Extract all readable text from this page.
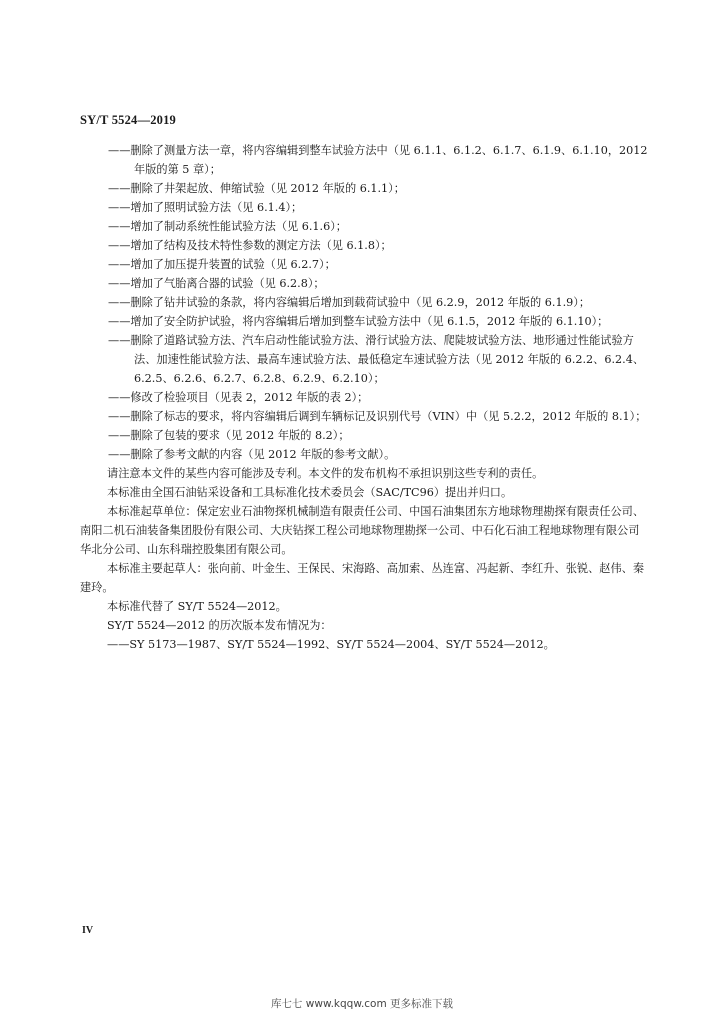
SY/T 5524—2019

——删除了测量方法一章，将内容编辑到整车试验方法中（见 6.1.1、6.1.2、6.1.7、6.1.9、6.1.10，2012 年版的第 5 章）；

——删除了井架起放、伸缩试验（见 2012 年版的 6.1.1）；

——增加了照明试验方法（见 6.1.4）；

——增加了制动系统性能试验方法（见 6.1.6）；

——增加了结构及技术特性参数的测定方法（见 6.1.8）；

——增加了加压提升装置的试验（见 6.2.7）；

——增加了气胎离合器的试验（见 6.2.8）；

——删除了钻井试验的条款，将内容编辑后增加到载荷试验中（见 6.2.9，2012 年版的 6.1.9）；

——增加了安全防护试验，将内容编辑后增加到整车试验方法中（见 6.1.5，2012 年版的 6.1.10）；

——删除了道路试验方法、汽车启动性能试验方法、滑行试验方法、爬陡坡试验方法、地形通过性能试验方法、加速性能试验方法、最高车速试验方法、最低稳定车速试验方法（见 2012 年版的 6.2.2、6.2.4、6.2.5、6.2.6、6.2.7、6.2.8、6.2.9、6.2.10）；

——修改了检验项目（见表 2，2012 年版的表 2）；

——删除了标志的要求，将内容编辑后调到车辆标记及识别代号（VIN）中（见 5.2.2，2012 年版的 8.1）；

——删除了包装的要求（见 2012 年版的 8.2）；

——删除了参考文献的内容（见 2012 年版的参考文献）。

请注意本文件的某些内容可能涉及专利。本文件的发布机构不承担识别这些专利的责任。

本标准由全国石油钻采设备和工具标准化技术委员会（SAC/TC96）提出并归口。

本标准起草单位：保定宏业石油物探机械制造有限责任公司、中国石油集团东方地球物理勘探有限责任公司、南阳二机石油装备集团股份有限公司、大庆钻探工程公司地球物理勘探一公司、中石化石油工程地球物理有限公司华北分公司、山东科瑞控股集团有限公司。

本标准主要起草人：张向前、叶金生、王保民、宋海路、高加索、丛连富、冯起新、李红升、张锐、赵伟、秦建玲。

本标准代替了 SY/T 5524—2012。

SY/T 5524—2012 的历次版本发布情况为：

——SY 5173—1987、SY/T 5524—1992、SY/T 5524—2004、SY/T 5524—2012。

IV
库七七 www.kqqw.com 更多标准下载
